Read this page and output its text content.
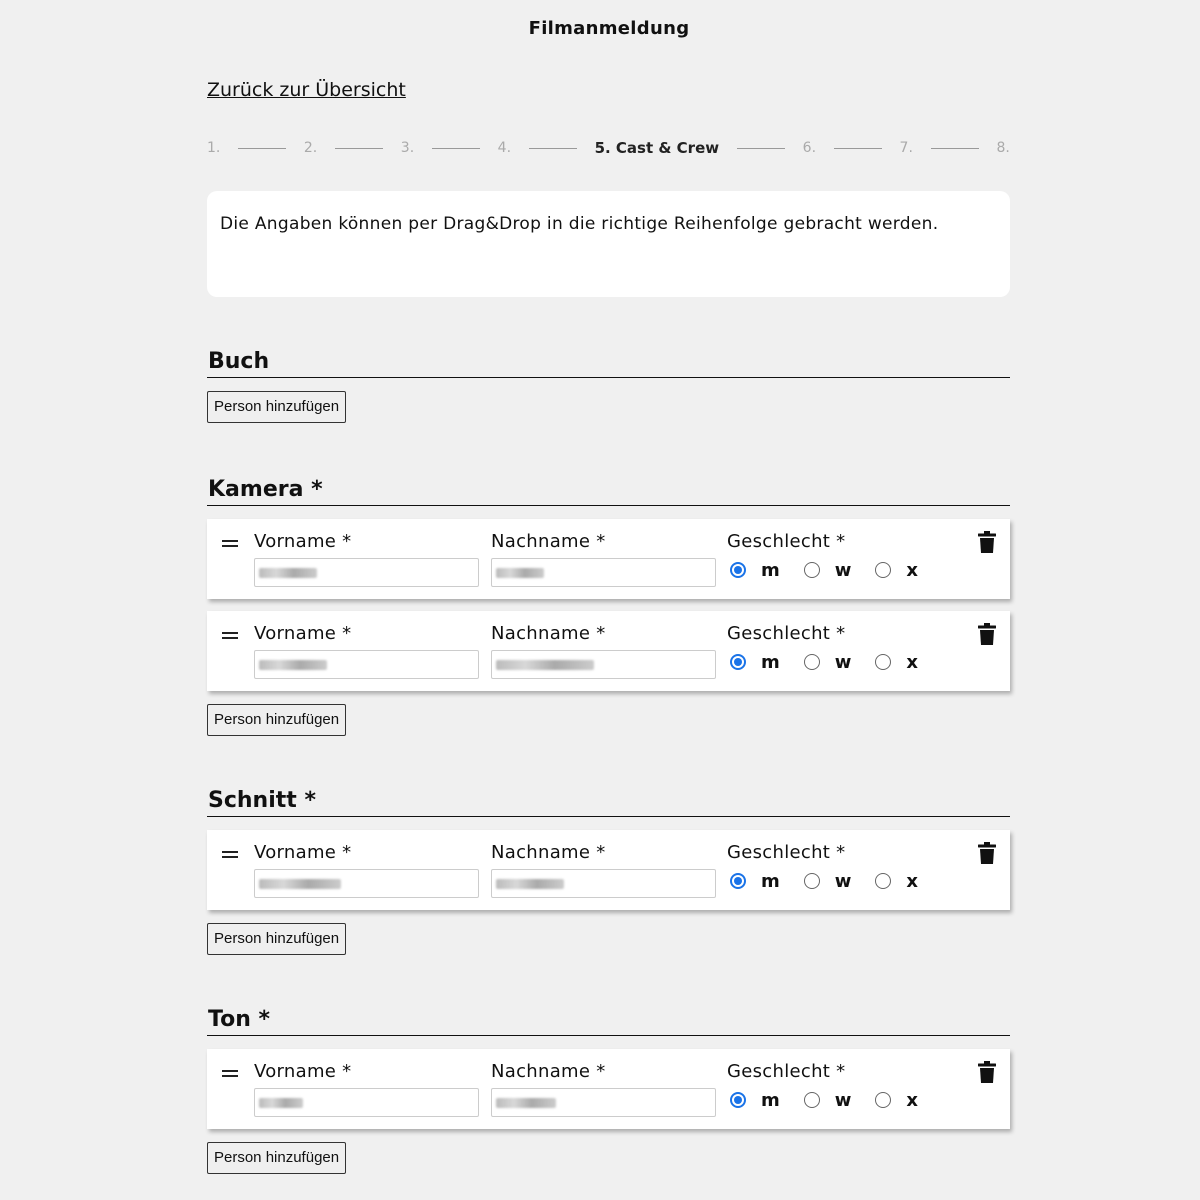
Filmanmeldung
Zurück zur Übersicht
1.	2.	3.	4.	5. Cast & Crew	6.	7.	8.
Die Angaben können per Drag&Drop in die richtige Reihenfolge gebracht werden.
Buch
Person hinzufügen
Kamera *
Vorname *	Nachname *	Geschlecht *
m	w	x
Vorname *	Nachname *	Geschlecht *
m	w	x
Person hinzufügen
Schnitt *
Vorname *	Nachname *	Geschlecht *
m	w	x
Person hinzufügen
Ton *
Vorname *	Nachname *	Geschlecht *
m	w	x
Person hinzufügen
